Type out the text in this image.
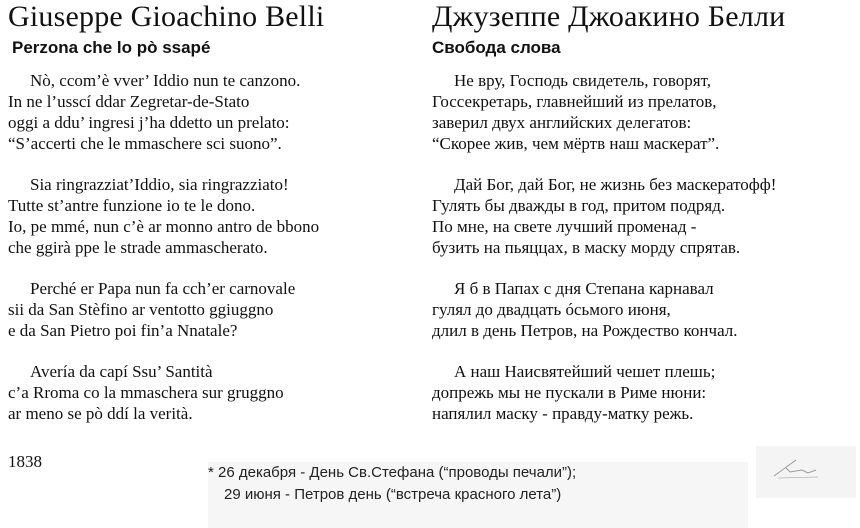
Giuseppe Gioachino Belli
Perzona che lo pò ssapé
Nò, ccom’è vver’ Iddio nun te canzono.
In ne l’usscí ddar Zegretar-de-Stato
oggi a ddu’ ingresi j’ha ddetto un prelato:
“S’accerti che le mmaschere sci suono”.
Sia ringrazziat’Iddio, sia ringrazziato!
Tutte st’antre funzione io te le dono.
Io, pe mmé, nun c’è ar monno antro de bbono
che ggirà ppe le strade ammascherato.
Perché er Papa nun fa cch’er carnovale
sii da San Stèfino ar ventotto ggiuggno
e da San Pietro poi fin’a Nnatale?
Avería da capí Ssu’ Santità
c’a Rroma co la mmaschera sur gruggno
ar meno se pò ddí la verità.
Джузеппе Джоакино Белли
Свобода слова
Не вру, Господь свидетель, говорят,
Госсекретарь, главнейший из прелатов,
заверил двух английских делегатов:
“Скорее жив, чем мёртв наш маскерат”.
Дай Бог, дай Бог, не жизнь без маскератофф!
Гулять бы дважды в год, притом подряд.
По мне, на свете лучший променад -
бузить на пьяццах, в маску морду спрятав.
Я б в Папах с дня Степана карнавал
гулял до двадцать óсьмого июня,
длил в день Петров, на Рождество кончал.
А наш Наисвятейший чешет плешь;
допрежь мы не пускали в Риме нюни:
напялил маску - правду-матку режь.
1838
* 26 декабря - День Св.Стефана (“проводы печали”);
29 июня - Петров день (“встреча красного лета”)
